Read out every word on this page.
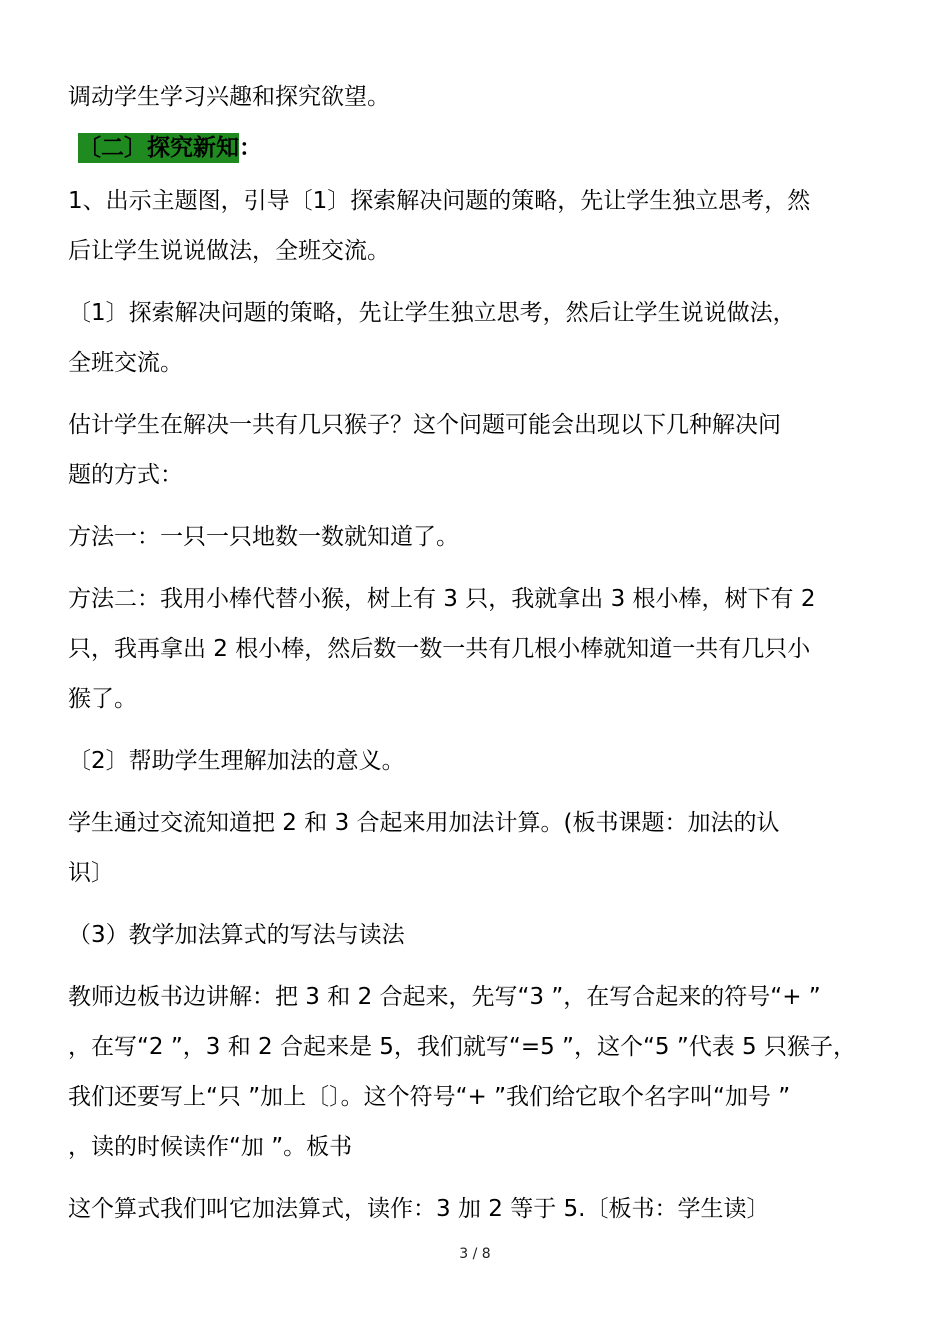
调动学生学习兴趣和探究欲望。
〔二〕探究新知：
1、出示主题图，引导〔1〕探索解决问题的策略，先让学生独立思考，然
后让学生说说做法，全班交流。
〔1〕探索解决问题的策略，先让学生独立思考，然后让学生说说做法，
全班交流。
估计学生在解决一共有几只猴子？这个问题可能会出现以下几种解决问
题的方式：
方法一：一只一只地数一数就知道了。
方法二：我用小棒代替小猴，树上有 3 只，我就拿出 3 根小棒，树下有 2
只，我再拿出 2 根小棒，然后数一数一共有几根小棒就知道一共有几只小
猴了。
〔2〕帮助学生理解加法的意义。
学生通过交流知道把 2 和 3 合起来用加法计算。(板书课题：加法的认
识〕
（3）教学加法算式的写法与读法
教师边板书边讲解：把 3 和 2 合起来，先写“3 ”，在写合起来的符号“+ ”
，在写“2 ”，3 和 2 合起来是 5，我们就写“=5 ”，这个“5 ”代表 5 只猴子，
我们还要写上“只 ”加上〔〕。这个符号“+ ”我们给它取个名字叫“加号 ”
，读的时候读作“加 ”。板书
这个算式我们叫它加法算式，读作：3 加 2 等于 5.〔板书：学生读〕
3 / 8
